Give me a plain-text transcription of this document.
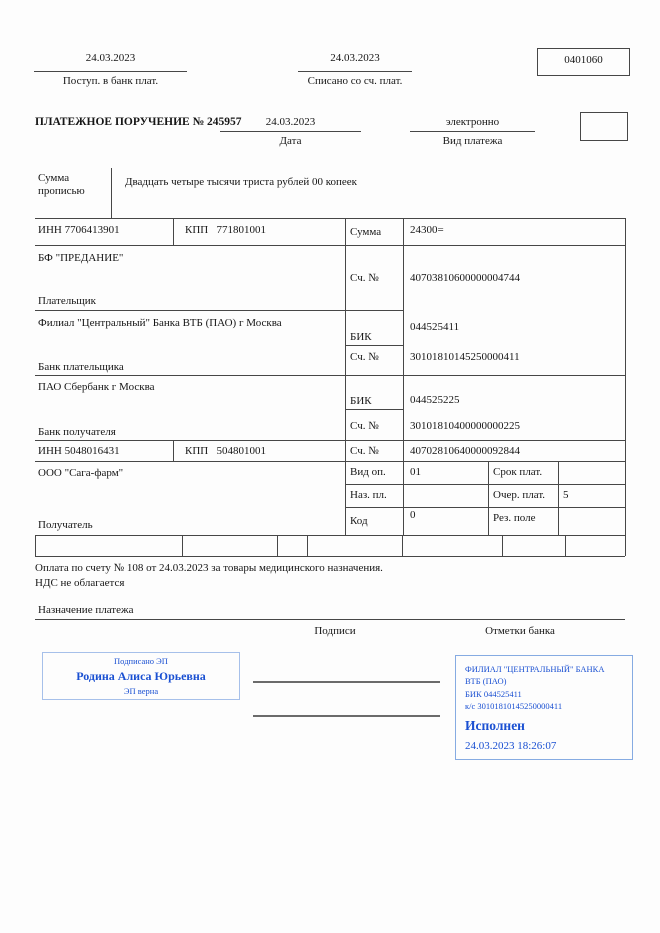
24.03.2023
Поступ. в банк плат.
24.03.2023
Списано со сч. плат.
0401060
ПЛАТЕЖНОЕ ПОРУЧЕНИЕ № 245957	24.03.2023
Дата
электронно
Вид платежа
Сумма прописью
Двадцать четыре тысячи триста рублей 00 копеек
ИНН 7706413901	КПП   771801001	Сумма	24300=
БФ "ПРЕДАНИЕ"
Плательщик
Сч. №	40703810600000004744
Филиал "Центральный" Банка ВТБ (ПАО) г Москва
БИК
044525411
Сч. №	30101810145250000411
Банк плательщика
ПАО Сбербанк г Москва
БИК	044525225
Сч. №	30101810400000000225
Банк получателя
ИНН 5048016431	КПП   504801001	Сч. №	40702810640000092844
ООО "Сага-фарм"
Получатель
Вид оп. 01	Срок плат.
Наз. пл.	Очер. плат. 5
Код	0	Рез. поле
Оплата по счету № 108 от 24.03.2023 за товары медицинского назначения.
НДС не облагается
Назначение платежа
Подписи	Отметки банка
Подписано ЭП
Родина Алиса Юрьевна
ЭП верна
ФИЛИАЛ "ЦЕНТРАЛЬНЫЙ" БАНКА
ВТБ (ПАО)
БИК 044525411
к/с 30101810145250000411
Исполнен
24.03.2023 18:26:07
